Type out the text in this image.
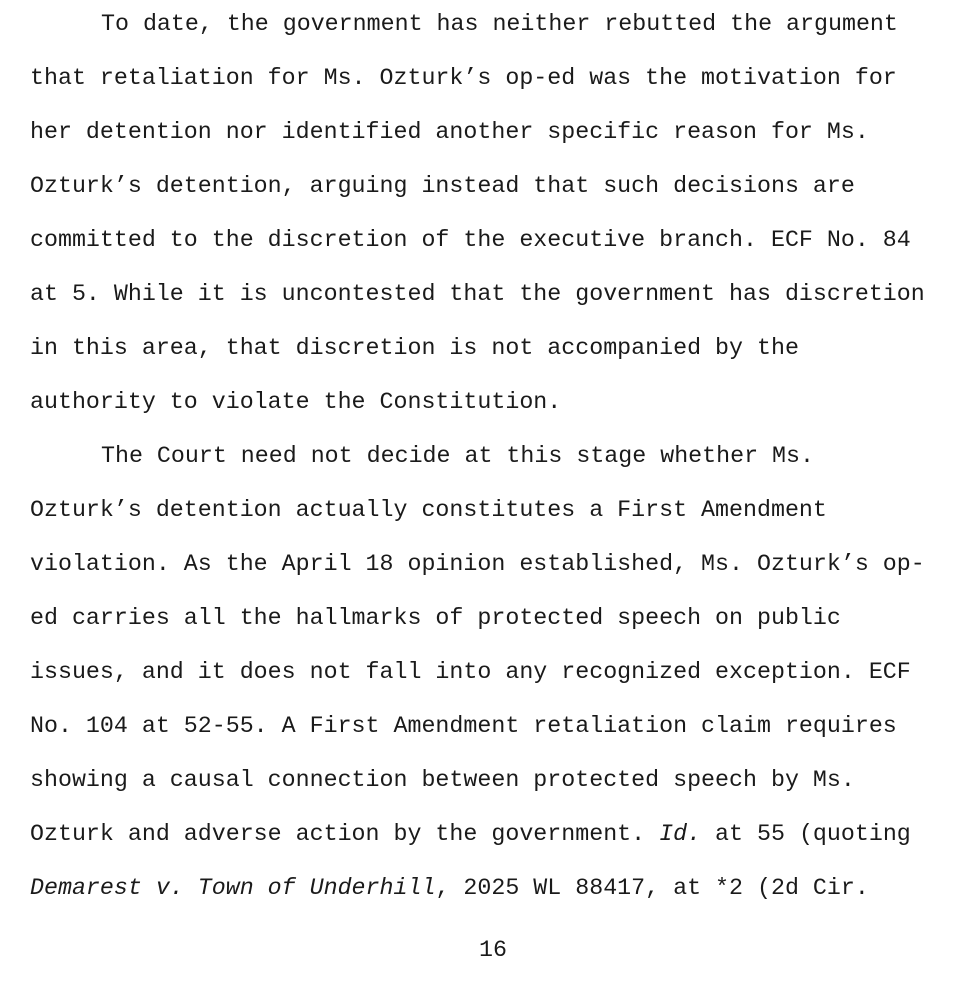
To date, the government has neither rebutted the argument
that retaliation for Ms. Ozturk’s op-ed was the motivation for
her detention nor identified another specific reason for Ms.
Ozturk’s detention, arguing instead that such decisions are
committed to the discretion of the executive branch. ECF No. 84
at 5. While it is uncontested that the government has discretion
in this area, that discretion is not accompanied by the
authority to violate the Constitution.
The Court need not decide at this stage whether Ms.
Ozturk’s detention actually constitutes a First Amendment
violation. As the April 18 opinion established, Ms. Ozturk’s op-
ed carries all the hallmarks of protected speech on public
issues, and it does not fall into any recognized exception. ECF
No. 104 at 52-55. A First Amendment retaliation claim requires
showing a causal connection between protected speech by Ms.
Ozturk and adverse action by the government. Id. at 55 (quoting
Demarest v. Town of Underhill, 2025 WL 88417, at *2 (2d Cir.
16
